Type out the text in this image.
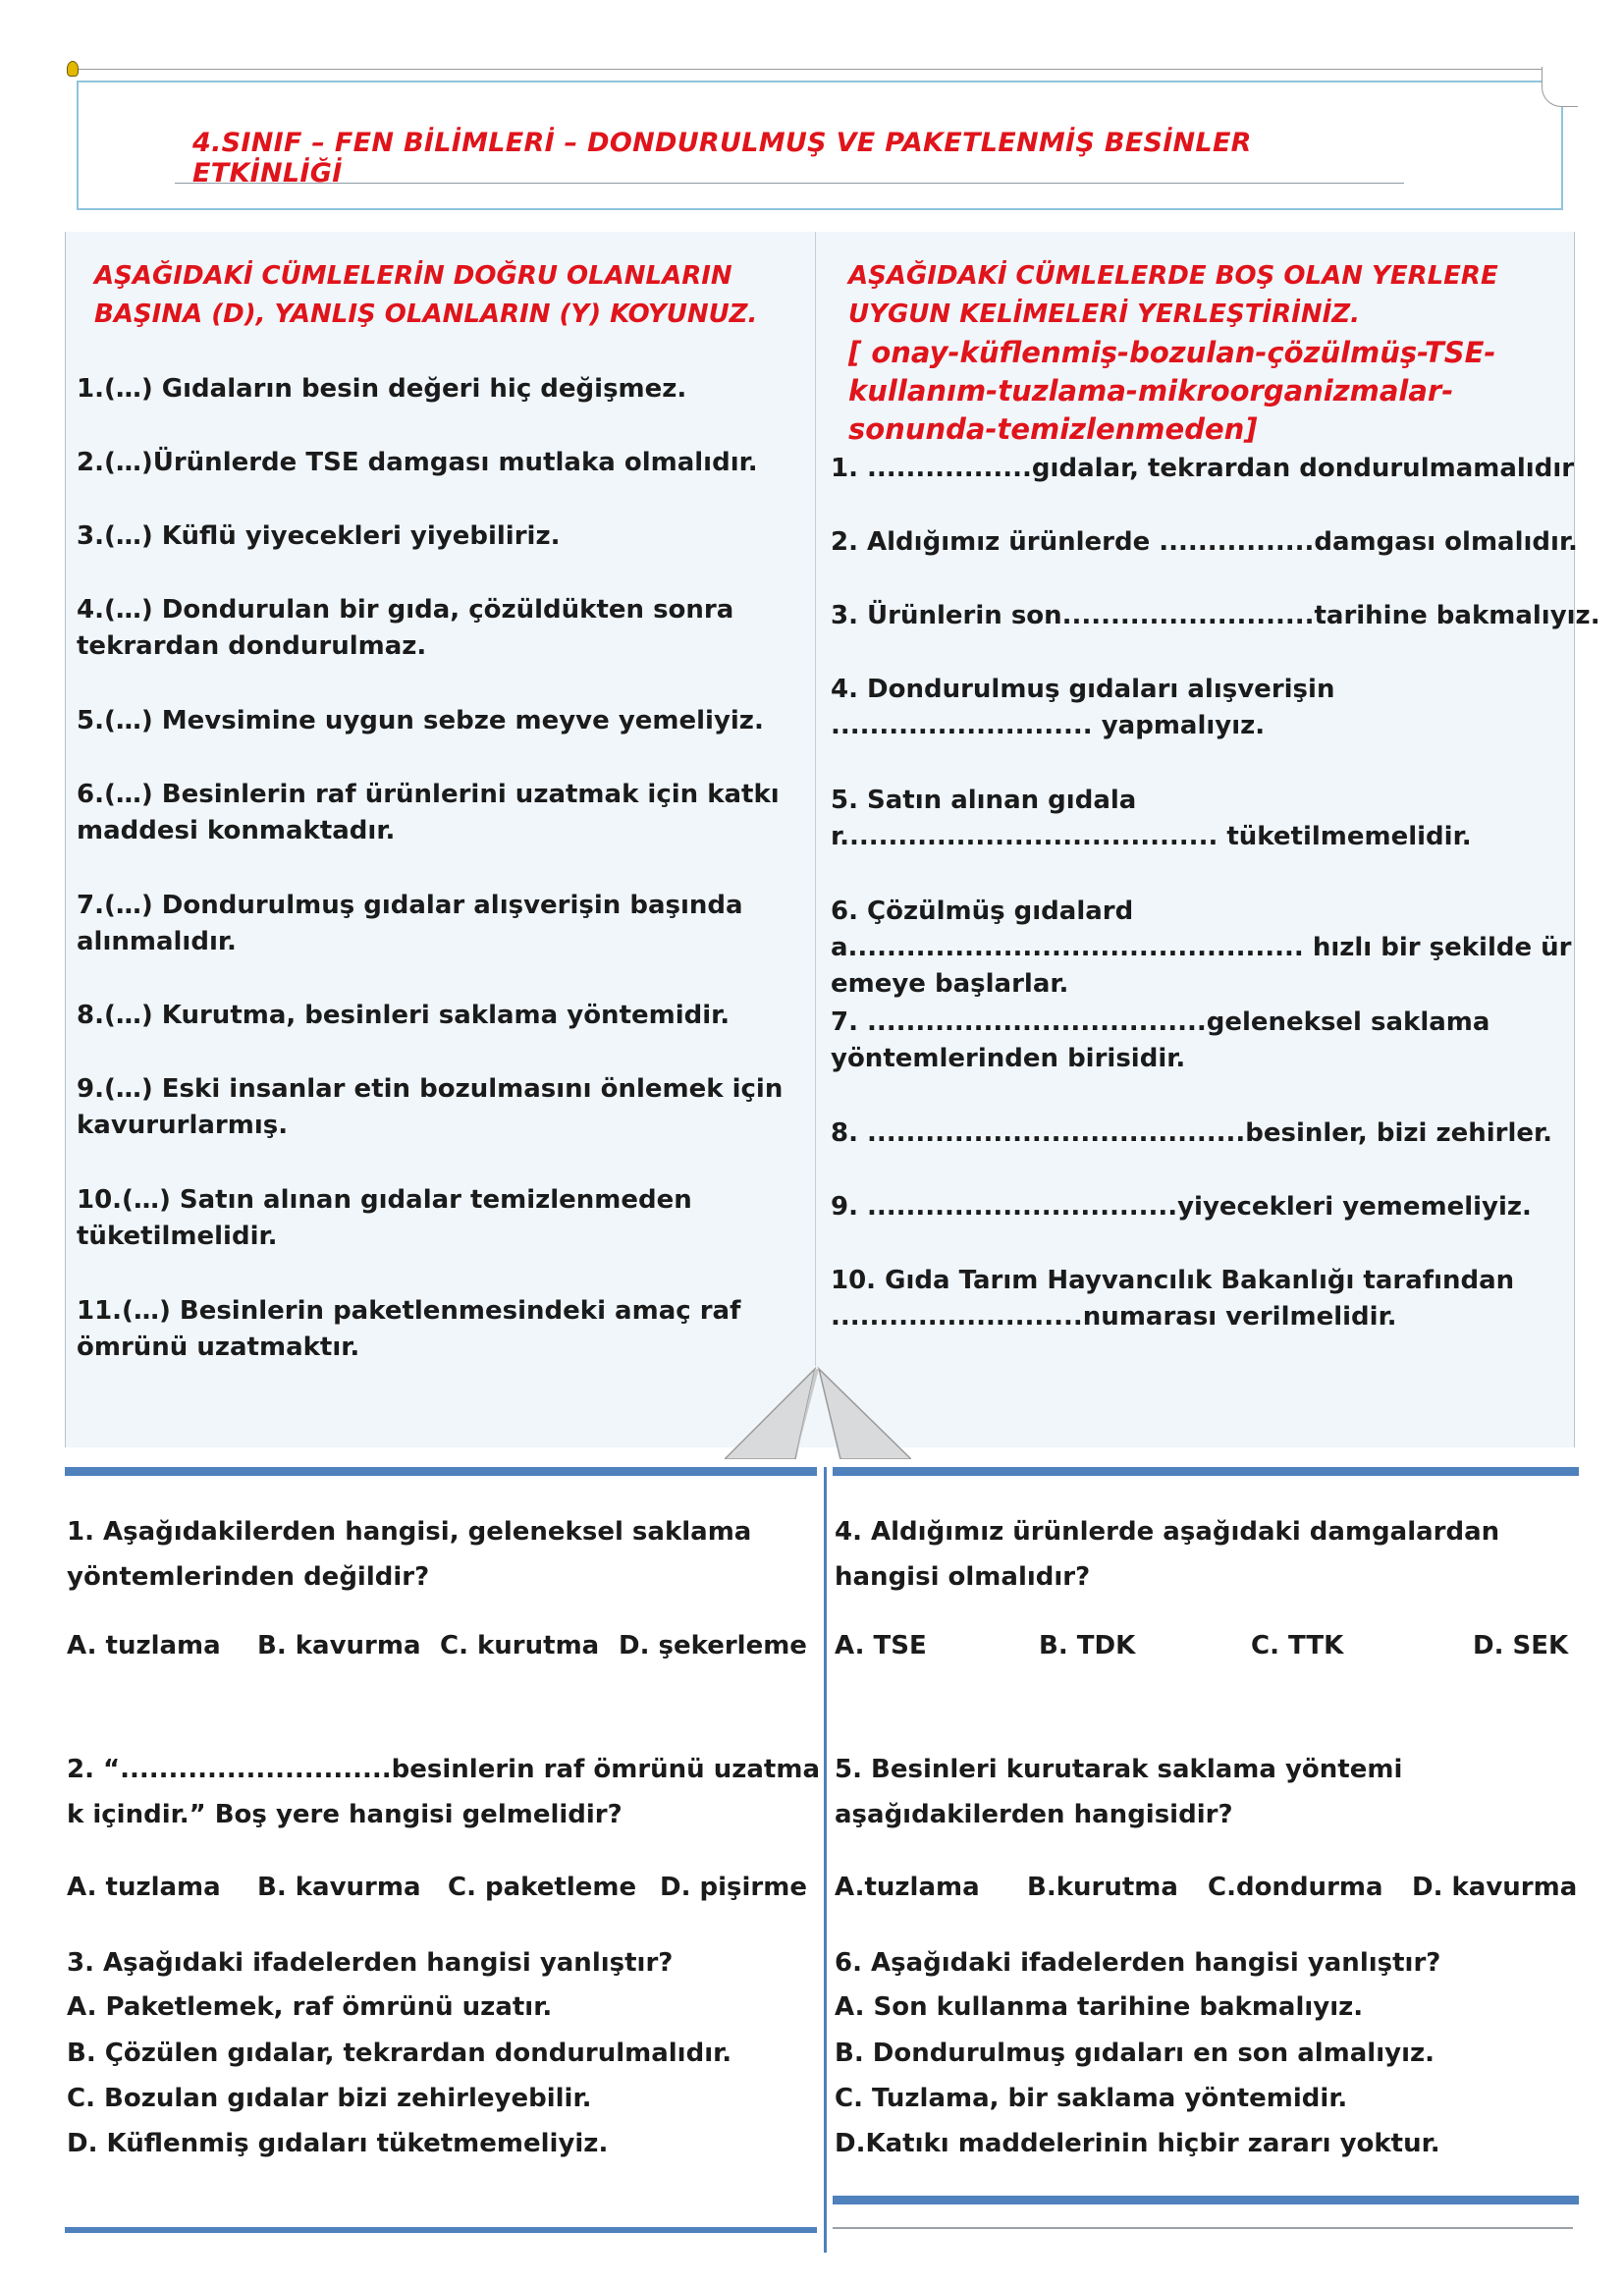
4.SINIF – FEN BİLİMLERİ – DONDURULMUŞ VE PAKETLENMİŞ BESİNLER ETKİNLİĞİ
AŞAĞIDAKİ CÜMLELERİN DOĞRU OLANLARIN
BAŞINA (D), YANLIŞ OLANLARIN (Y) KOYUNUZ.
1.(…) Gıdaların besin değeri hiç değişmez.
2.(…)Ürünlerde TSE damgası mutlaka olmalıdır.
3.(…) Küflü yiyecekleri yiyebiliriz.
4.(…) Dondurulan bir gıda, çözüldükten sonra tekrardan dondurulmaz.
5.(…) Mevsimine uygun sebze meyve yemeliyiz.
6.(…) Besinlerin raf ürünlerini uzatmak için katkı maddesi konmaktadır.
7.(…) Dondurulmuş gıdalar alışverişin başında alınmalıdır.
8.(…) Kurutma, besinleri saklama yöntemidir.
9.(…) Eski insanlar etin bozulmasını önlemek için kavururlarmış.
10.(…) Satın alınan gıdalar temizlenmeden tüketilmelidir.
11.(…) Besinlerin paketlenmesindeki amaç raf ömrünü uzatmaktır.
AŞAĞIDAKİ CÜMLELERDE BOŞ OLAN YERLERE
UYGUN KELİMELERİ YERLEŞTİRİNİZ.
[ onay-küflenmiş-bozulan-çözülmüş-TSE-
kullanım-tuzlama-mikroorganizmalar-
sonunda-temizlenmeden]
1. .................gıdalar, tekrardan dondurulmamalıdır
2. Aldığımız ürünlerde ................damgası olmalıdır.
3. Ürünlerin son..........................tarihine bakmalıyız.
4. Dondurulmuş gıdaları alışverişin ........................... yapmalıyız.
5. Satın alınan gıdalar....................................... tüketilmemelidir.
6. Çözülmüş gıdalarda............................................... hızlı bir şekilde üremeye başlarlar.
7. ...................................geleneksel saklama yöntemlerinden birisidir.
8. .......................................besinler, bizi zehirler.
9. ................................yiyecekleri yememeliyiz.
10. Gıda Tarım Hayvancılık Bakanlığı tarafından ..........................numarası verilmelidir.
1. Aşağıdakilerden hangisi, geleneksel saklama yöntemlerinden değildir?
A. tuzlama B. kavurma C. kurutma D. şekerleme
2. “............................besinlerin raf ömrünü uzatmak içindir.” Boş yere hangisi gelmelidir?
A. tuzlama B. kavurma C. paketleme D. pişirme
3. Aşağıdaki ifadelerden hangisi yanlıştır?
A. Paketlemek, raf ömrünü uzatır.
B. Çözülen gıdalar, tekrardan dondurulmalıdır.
C. Bozulan gıdalar bizi zehirleyebilir.
D. Küflenmiş gıdaları tüketmemeliyiz.
4. Aldığımız ürünlerde aşağıdaki damgalardan hangisi olmalıdır?
A. TSE	B. TDK	C. TTK	D. SEK
5. Besinleri kurutarak saklama yöntemi aşağıdakilerden hangisidir?
A.tuzlama B.kurutma C.dondurma D. kavurma
6. Aşağıdaki ifadelerden hangisi yanlıştır?
A. Son kullanma tarihine bakmalıyız.
B. Dondurulmuş gıdaları en son almalıyız.
C. Tuzlama, bir saklama yöntemidir.
D.Katıkı maddelerinin hiçbir zararı yoktur.
